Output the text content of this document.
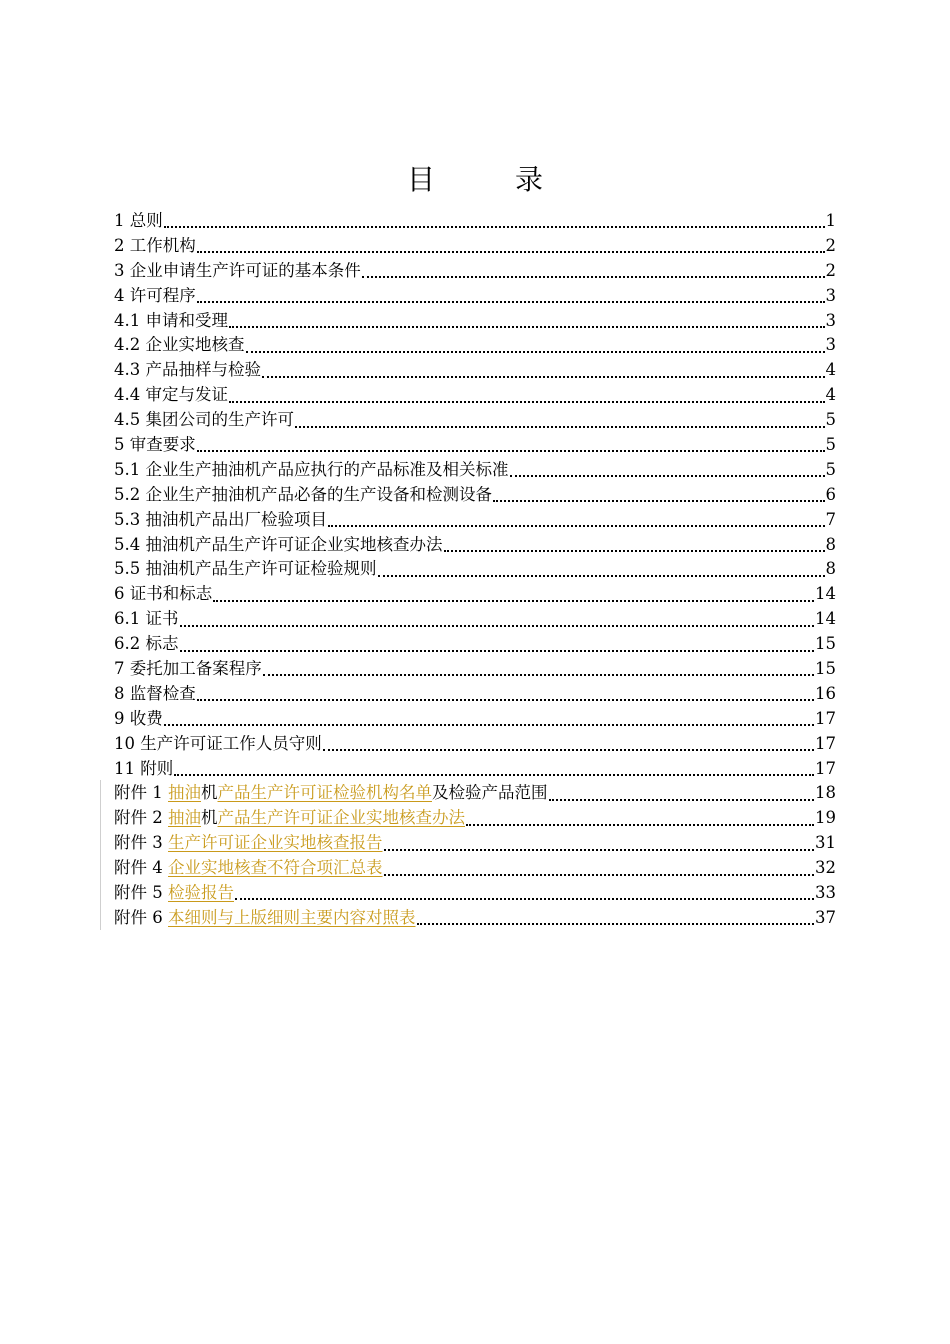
目　录
1 总则	1
2 工作机构	2
3 企业申请生产许可证的基本条件	2
4 许可程序	3
4.1 申请和受理	3
4.2 企业实地核查	3
4.3 产品抽样与检验	4
4.4 审定与发证	4
4.5 集团公司的生产许可	5
5 审查要求	5
5.1 企业生产抽油机产品应执行的产品标准及相关标准	5
5.2 企业生产抽油机产品必备的生产设备和检测设备	6
5.3 抽油机产品出厂检验项目	7
5.4 抽油机产品生产许可证企业实地核查办法	8
5.5 抽油机产品生产许可证检验规则	8
6 证书和标志	14
6.1 证书	14
6.2 标志	15
7 委托加工备案程序	15
8 监督检查	16
9 收费	17
10 生产许可证工作人员守则	17
11 附则	17
附件 1 抽油机产品生产许可证检验机构名单及检验产品范围	18
附件 2 抽油机产品生产许可证企业实地核查办法	19
附件 3 生产许可证企业实地核查报告	31
附件 4 企业实地核查不符合项汇总表	32
附件 5 检验报告	33
附件 6 本细则与上版细则主要内容对照表	37
